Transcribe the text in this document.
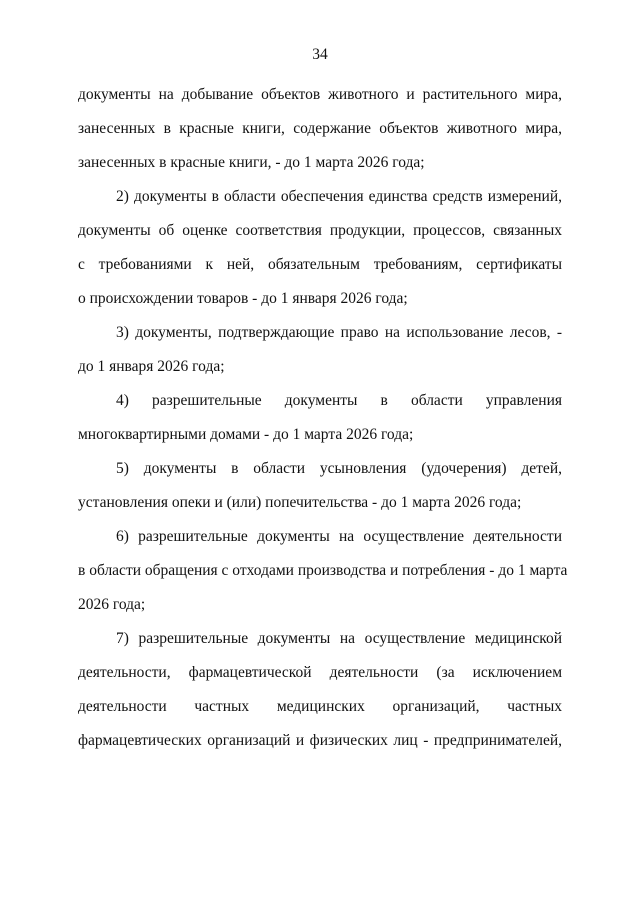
34
документы на добывание объектов животного и растительного мира,
занесенных в красные книги, содержание объектов животного мира,
занесенных в красные книги, - до 1 марта 2026 года;
2) документы в области обеспечения единства средств измерений,
документы об оценке соответствия продукции, процессов, связанных
с требованиями к ней, обязательным требованиям, сертификаты
о происхождении товаров - до 1 января 2026 года;
3) документы, подтверждающие право на использование лесов, -
до 1 января 2026 года;
4) разрешительные документы в области управления
многоквартирными домами - до 1 марта 2026 года;
5) документы в области усыновления (удочерения) детей,
установления опеки и (или) попечительства - до 1 марта 2026 года;
6) разрешительные документы на осуществление деятельности
в области обращения с отходами производства и потребления - до 1 марта
2026 года;
7) разрешительные документы на осуществление медицинской
деятельности, фармацевтической деятельности (за исключением
деятельности частных медицинских организаций, частных
фармацевтических организаций и физических лиц - предпринимателей,
